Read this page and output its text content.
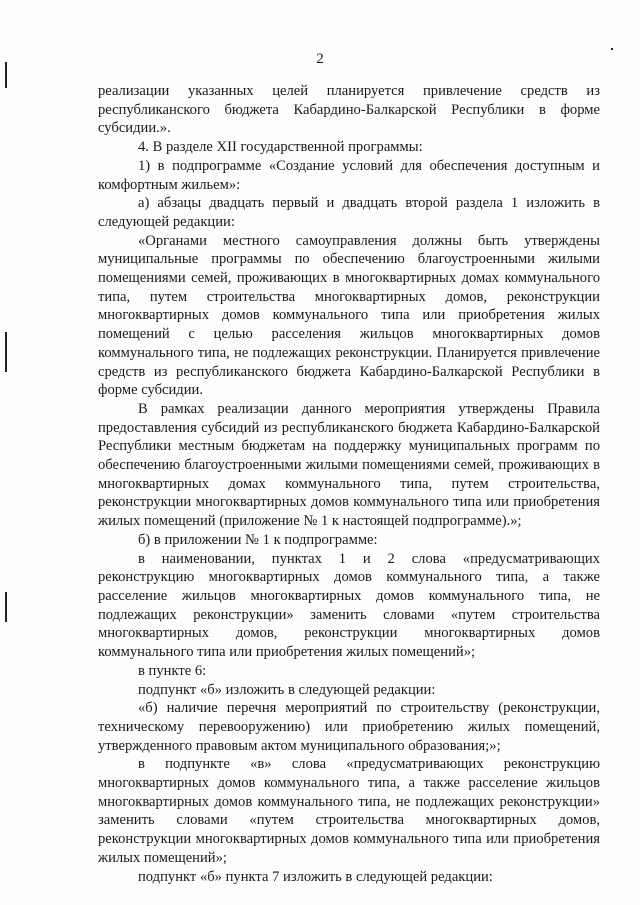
2

реализации указанных целей планируется привлечение средств из республиканского бюджета Кабардино-Балкарской Республики в форме субсидии.».

4. В разделе XII государственной программы:

1) в подпрограмме «Создание условий для обеспечения доступным и комфортным жильем»:

а) абзацы двадцать первый и двадцать второй раздела 1 изложить в следующей редакции:

«Органами местного самоуправления должны быть утверждены муниципальные программы по обеспечению благоустроенными жилыми помещениями семей, проживающих в многоквартирных домах коммунального типа, путем строительства многоквартирных домов, реконструкции многоквартирных домов коммунального типа или приобретения жилых помещений с целью расселения жильцов многоквартирных домов коммунального типа, не подлежащих реконструкции. Планируется привлечение средств из республиканского бюджета Кабардино-Балкарской Республики в форме субсидии.

В рамках реализации данного мероприятия утверждены Правила предоставления субсидий из республиканского бюджета Кабардино-Балкарской Республики местным бюджетам на поддержку муниципальных программ по обеспечению благоустроенными жилыми помещениями семей, проживающих в многоквартирных домах коммунального типа, путем строительства, реконструкции многоквартирных домов коммунального типа или приобретения жилых помещений (приложение № 1 к настоящей подпрограмме).»;

б) в приложении № 1 к подпрограмме:

в наименовании, пунктах 1 и 2 слова «предусматривающих реконструкцию многоквартирных домов коммунального типа, а также расселение жильцов многоквартирных домов коммунального типа, не подлежащих реконструкции» заменить словами «путем строительства многоквартирных домов, реконструкции многоквартирных домов коммунального типа или приобретения жилых помещений»;

в пункте 6:

подпункт «б» изложить в следующей редакции:

«б) наличие перечня мероприятий по строительству (реконструкции, техническому перевооружению) или приобретению жилых помещений, утвержденного правовым актом муниципального образования;»;

в подпункте «в» слова «предусматривающих реконструкцию многоквартирных домов коммунального типа, а также расселение жильцов многоквартирных домов коммунального типа, не подлежащих реконструкции» заменить словами «путем строительства многоквартирных домов, реконструкции многоквартирных домов коммунального типа или приобретения жилых помещений»;

подпункт «б» пункта 7 изложить в следующей редакции:
